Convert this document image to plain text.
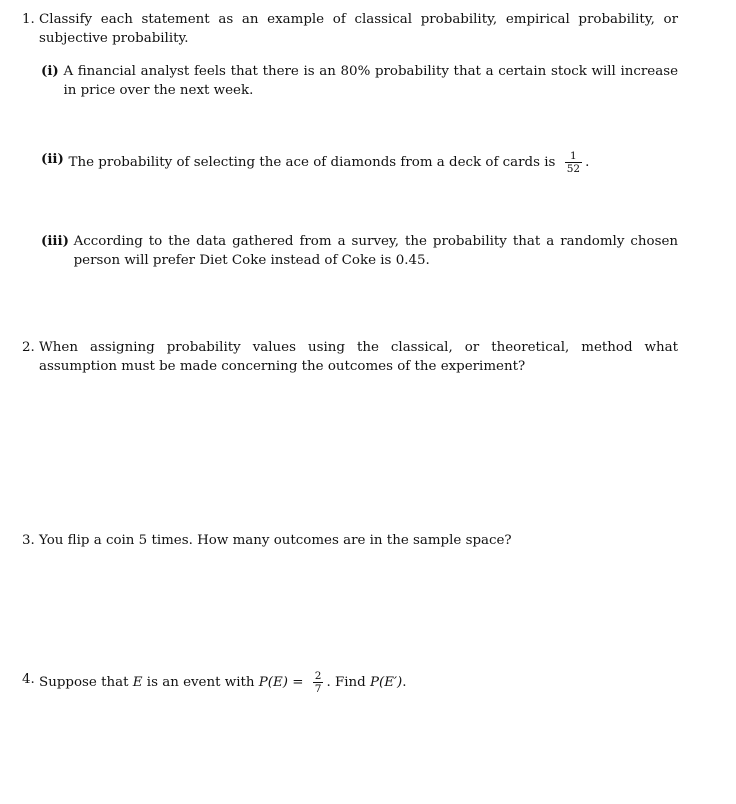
1.
Classify each statement as an example of classical probability, empirical probability, or subjective probability.
(i)
A financial analyst feels that there is an 80% probability that a certain stock will increase in price over the next week.
(ii)
The probability of selecting the ace of diamonds from a deck of cards is $\frac{1}{52}$ .
(iii)
According to the data gathered from a survey, the probability that a randomly chosen person will prefer Diet Coke instead of Coke is 0.45.
2.
When assigning probability values using the classical, or theoretical, method what assumption must be made concerning the outcomes of the experiment?
3.
You flip a coin 5 times. How many outcomes are in the sample space?
4.
Suppose that E is an event with $P(E) = \frac{2}{7}$ . Find P(E′).
